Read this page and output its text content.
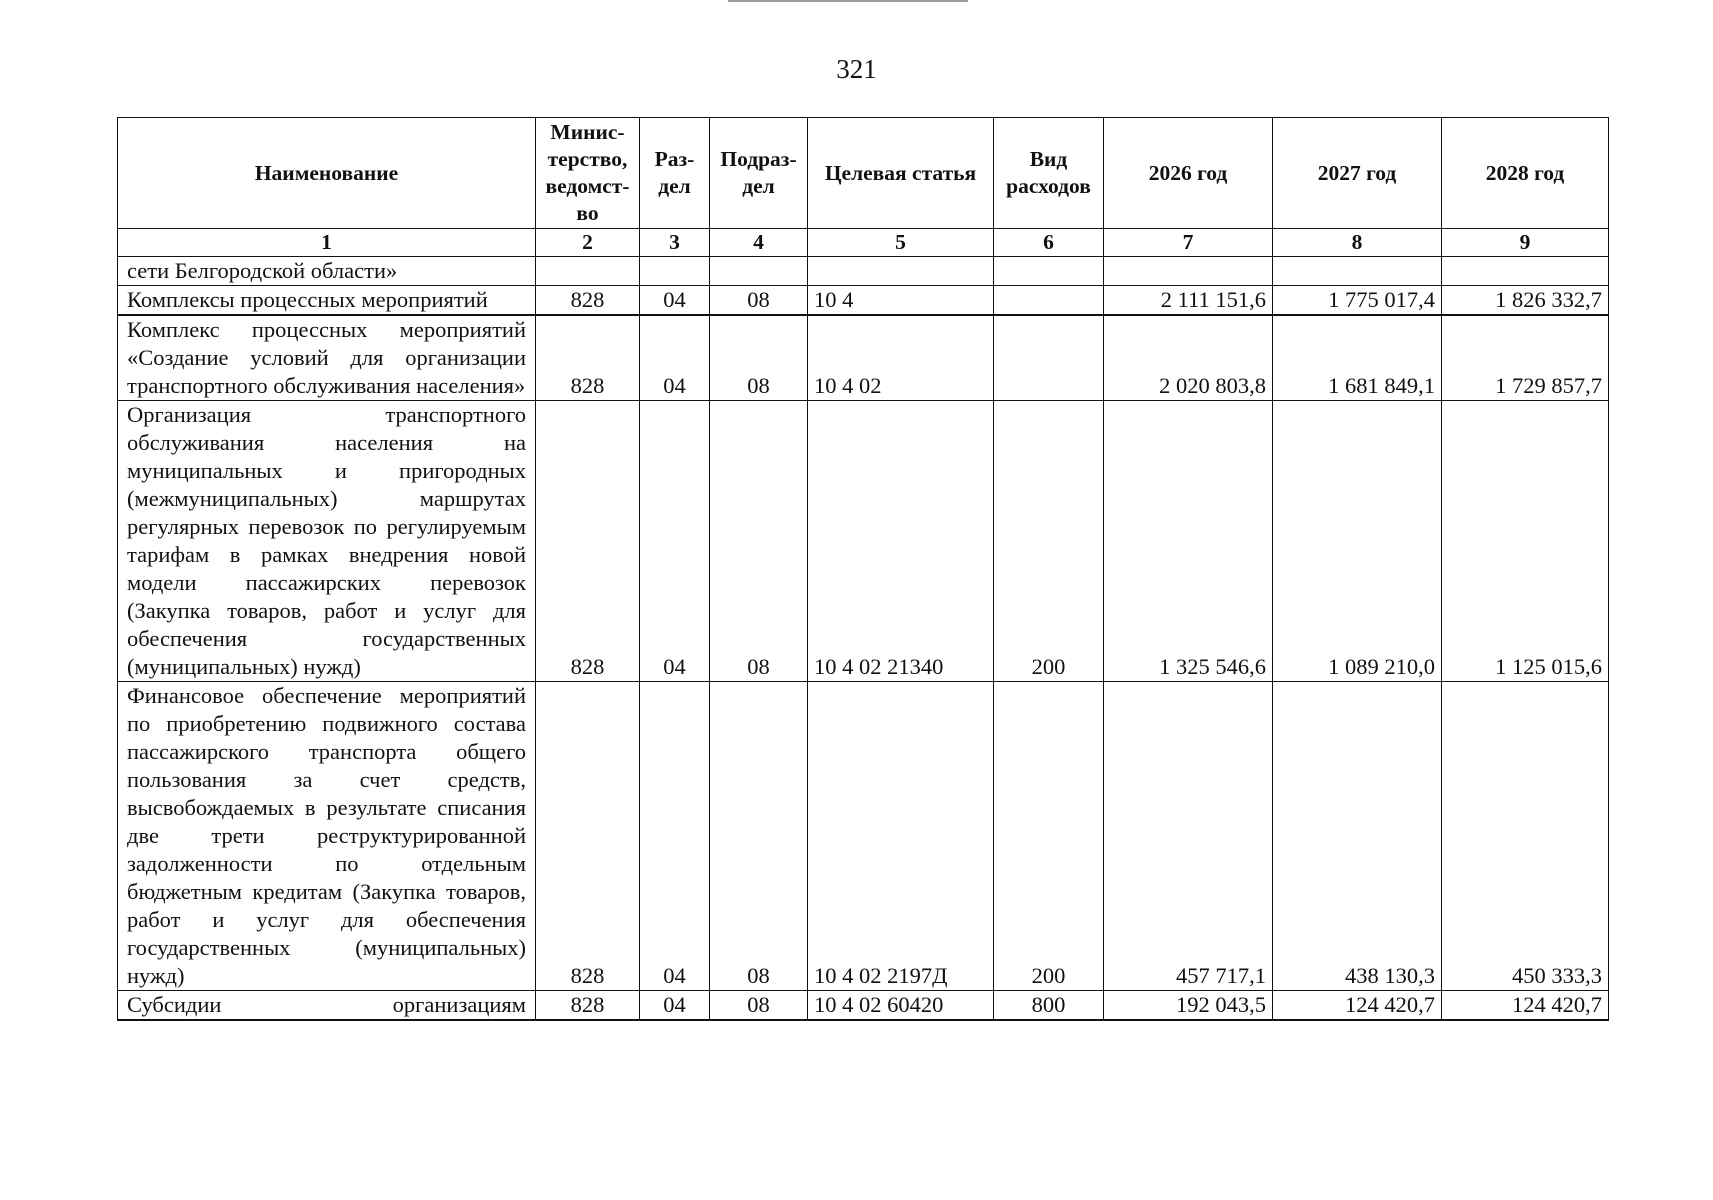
321
Наименование	Минис-терство, ведомст-во	Раз-дел	Подраз-дел	Целевая статья	Вид расходов	2026 год	2027 год	2028 год
1	2	3	4	5	6	7	8	9
сети Белгородской области»								
Комплексы процессных мероприятий	828	04	08	10 4		2 111 151,6	1 775 017,4	1 826 332,7
Комплекс процессных мероприятий «Создание условий для организации транспортного обслуживания населения»	828	04	08	10 4 02		2 020 803,8	1 681 849,1	1 729 857,7
Организация транспортного обслуживания населения на муниципальных и пригородных (межмуниципальных) маршрутах регулярных перевозок по регулируемым тарифам в рамках внедрения новой модели пассажирских перевозок (Закупка товаров, работ и услуг для обеспечения государственных (муниципальных) нужд)	828	04	08	10 4 02 21340	200	1 325 546,6	1 089 210,0	1 125 015,6
Финансовое обеспечение мероприятий по приобретению подвижного состава пассажирского транспорта общего пользования за счет средств, высвобождаемых в результате списания две трети реструктурированной задолженности по отдельным бюджетным кредитам (Закупка товаров, работ и услуг для обеспечения государственных (муниципальных) нужд)	828	04	08	10 4 02 2197Д	200	457 717,1	438 130,3	450 333,3
Субсидии организациям	828	04	08	10 4 02 60420	800	192 043,5	124 420,7	124 420,7
